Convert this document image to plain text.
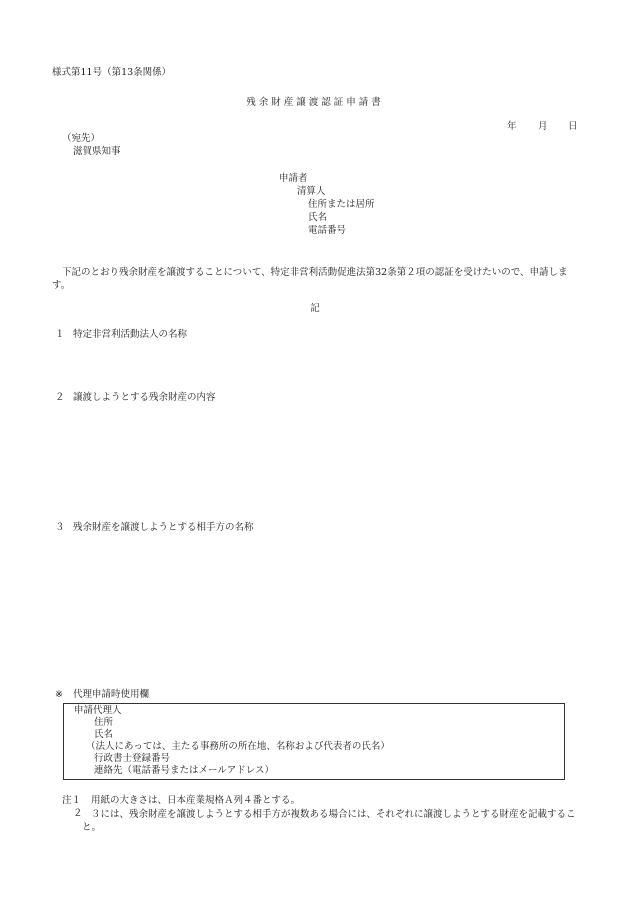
様式第11号（第13条関係）
残余財産譲渡認証申請書
年 月 日
（宛先）
滋賀県知事
申請者
清算人
住所または居所
氏名
電話番号
下記のとおり残余財産を譲渡することについて、特定非営利活動促進法第32条第２項の認証を受けたいので、申請します。
記
１ 特定非営利活動法人の名称
２ 譲渡しようとする残余財産の内容
３ 残余財産を譲渡しようとする相手方の名称
※ 代理申請時使用欄
申請代理人
住所
氏名
（法人にあっては、主たる事務所の所在地、名称および代表者の氏名）
行政書士登録番号
連絡先（電話番号またはメールアドレス）
注１ 用紙の大きさは、日本産業規格Ａ列４番とする。
２ ３には、残余財産を譲渡しようとする相手方が複数ある場合には、それぞれに譲渡しようとする財産を記載すること。
